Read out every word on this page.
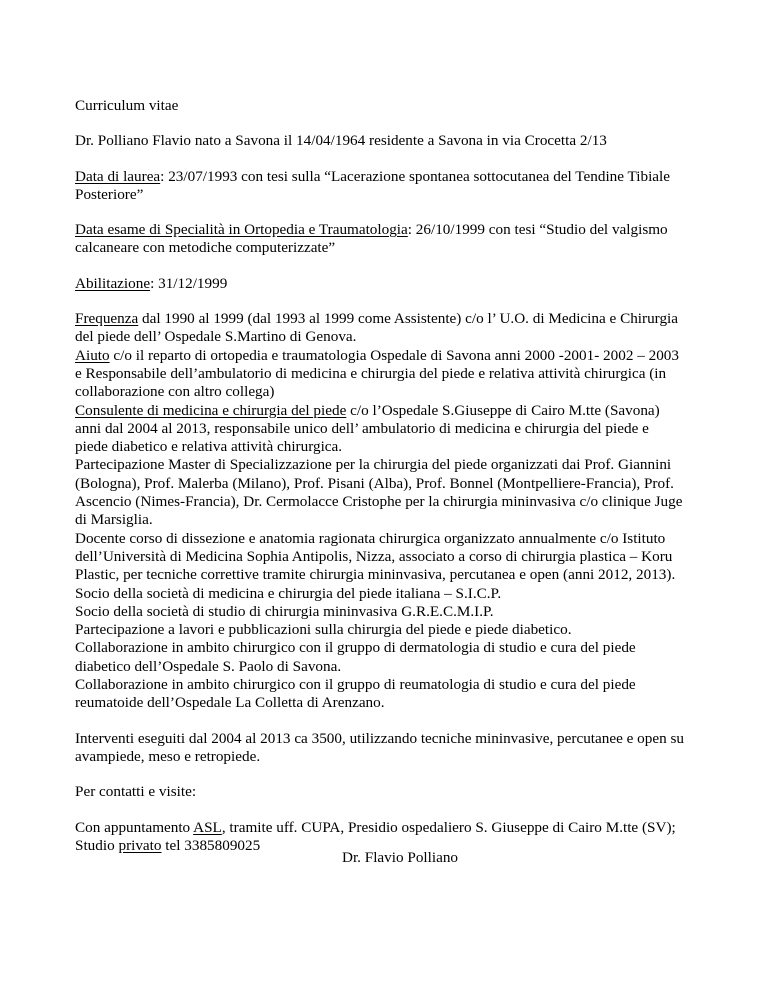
Curriculum vitae

Dr. Polliano Flavio nato a Savona il 14/04/1964 residente a Savona in via Crocetta 2/13

Data di laurea: 23/07/1993 con tesi sulla “Lacerazione spontanea sottocutanea del Tendine Tibiale
Posteriore”

Data esame di Specialità in Ortopedia e Traumatologia: 26/10/1999 con tesi “Studio del valgismo
calcaneare con metodiche computerizzate”

Abilitazione: 31/12/1999

Frequenza dal 1990 al 1999 (dal 1993 al 1999 come Assistente) c/o l’ U.O. di Medicina e Chirurgia
del piede dell’ Ospedale S.Martino di Genova.
Aiuto c/o il reparto di ortopedia e traumatologia Ospedale di Savona anni 2000 -2001- 2002 – 2003
e Responsabile dell’ambulatorio di medicina e chirurgia del piede e relativa attività chirurgica (in
collaborazione con altro collega)
Consulente di medicina e chirurgia del piede c/o l’Ospedale S.Giuseppe di Cairo M.tte (Savona)
anni dal 2004 al 2013, responsabile unico dell’ ambulatorio di medicina e chirurgia del piede e
piede diabetico e relativa attività chirurgica.
Partecipazione Master di Specializzazione per la chirurgia del piede organizzati dai Prof. Giannini
(Bologna), Prof. Malerba (Milano), Prof. Pisani (Alba), Prof. Bonnel (Montpelliere-Francia), Prof.
Ascencio (Nimes-Francia), Dr. Cermolacce Cristophe per la chirurgia mininvasiva c/o clinique Juge
di Marsiglia.
Docente corso di dissezione e anatomia ragionata chirurgica organizzato annualmente c/o Istituto
dell’Università di Medicina Sophia Antipolis, Nizza, associato a corso di chirurgia plastica – Koru
Plastic, per tecniche correttive tramite chirurgia mininvasiva, percutanea e open (anni 2012, 2013).
Socio della società di medicina e chirurgia del piede italiana – S.I.C.P.
Socio della società di studio di chirurgia mininvasiva G.R.E.C.M.I.P.
Partecipazione a lavori e pubblicazioni sulla chirurgia del piede e piede diabetico.
Collaborazione in ambito chirurgico con il gruppo di dermatologia di studio e cura del piede
diabetico dell’Ospedale S. Paolo di Savona.
Collaborazione in ambito chirurgico con il gruppo di reumatologia di studio e cura del piede
reumatoide dell’Ospedale La Colletta di Arenzano.

Interventi eseguiti dal 2004 al 2013 ca 3500, utilizzando tecniche mininvasive, percutanee e open su
avampiede, meso e retropiede.

Per contatti e visite:

Con appuntamento ASL, tramite uff. CUPA, Presidio ospedaliero S. Giuseppe di Cairo M.tte (SV);
Studio privato tel 3385809025

Dr. Flavio Polliano
